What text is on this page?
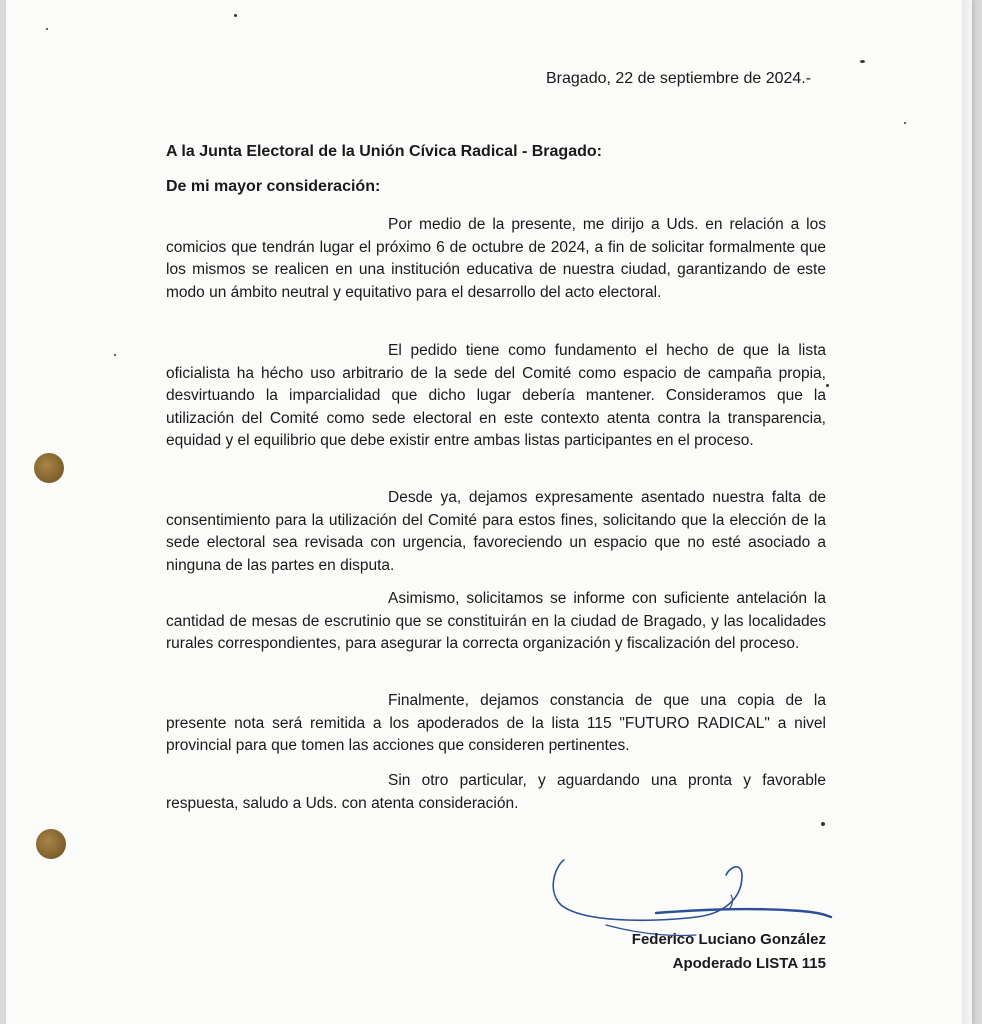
Bragado, 22 de septiembre de 2024.-
A la Junta Electoral de la Unión Cívica Radical - Bragado:
De mi mayor consideración:

Por medio de la presente, me dirijo a Uds. en relación a los comicios que tendrán lugar el próximo 6 de octubre de 2024, a fin de solicitar formalmente que los mismos se realicen en una institución educativa de nuestra ciudad, garantizando de este modo un ámbito neutral y equitativo para el desarrollo del acto electoral.

El pedido tiene como fundamento el hecho de que la lista oficialista ha hécho uso arbitrario de la sede del Comité como espacio de campaña propia, desvirtuando la imparcialidad que dicho lugar debería mantener. Consideramos que la utilización del Comité como sede electoral en este contexto atenta contra la transparencia, equidad y el equilibrio que debe existir entre ambas listas participantes en el proceso.

Desde ya, dejamos expresamente asentado nuestra falta de consentimiento para la utilización del Comité para estos fines, solicitando que la elección de la sede electoral sea revisada con urgencia, favoreciendo un espacio que no esté asociado a ninguna de las partes en disputa.

Asimismo, solicitamos se informe con suficiente antelación la cantidad de mesas de escrutinio que se constituirán en la ciudad de Bragado, y las localidades rurales correspondientes, para asegurar la correcta organización y fiscalización del proceso.

Finalmente, dejamos constancia de que una copia de la presente nota será remitida a los apoderados de la lista 115 "FUTURO RADICAL" a nivel provincial para que tomen las acciones que consideren pertinentes.

Sin otro particular, y aguardando una pronta y favorable respuesta, saludo a Uds. con atenta consideración.

Federico Luciano González
Apoderado LISTA 115
